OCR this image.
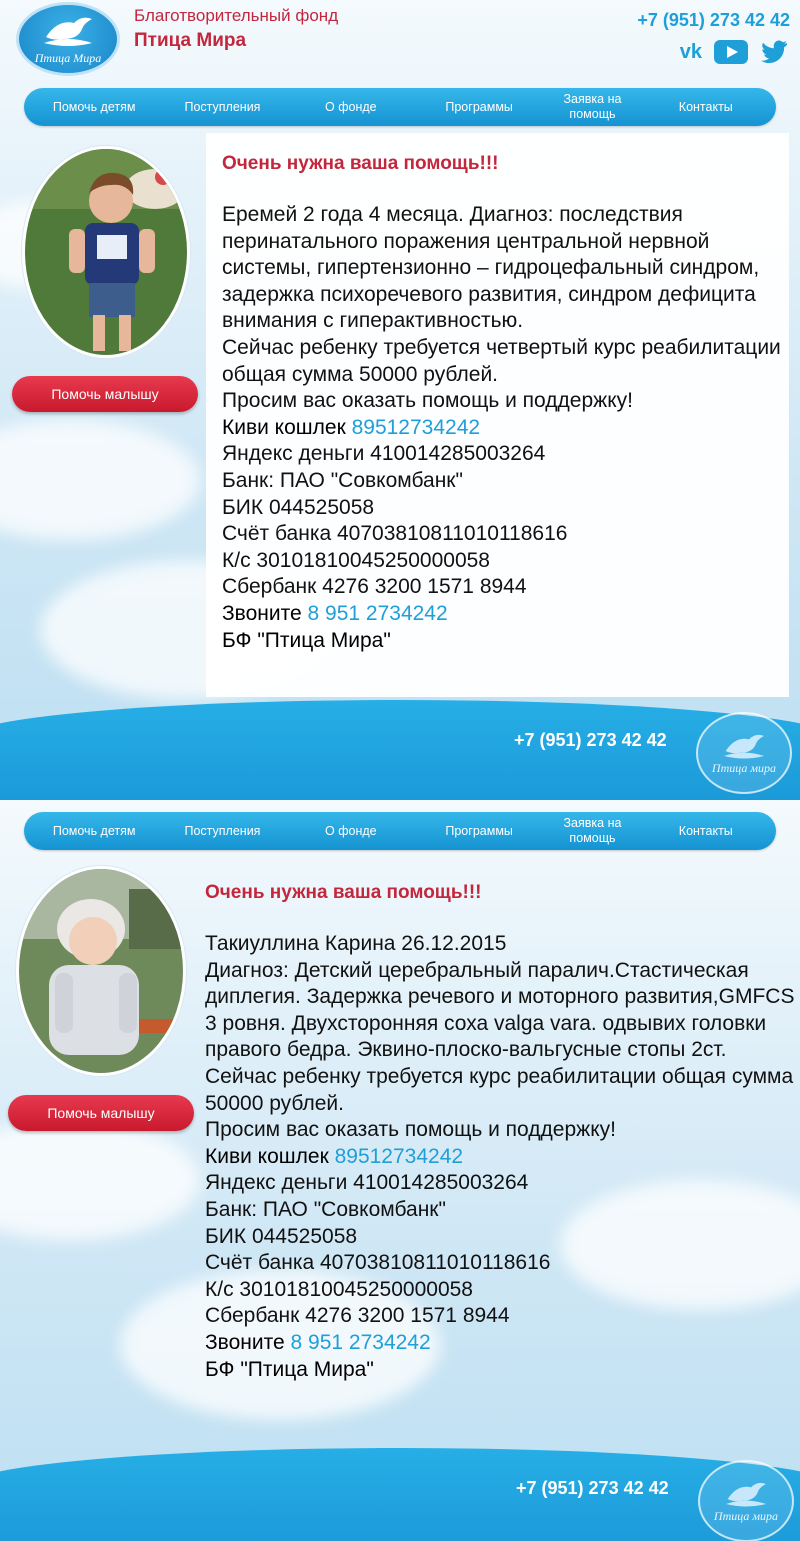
Птица Мира
Благотворительный фонд
Птица Мира
+7 (951) 273 42 42
vk
Помочь детям	Поступления	О фонде	Программы
Заявка на помощь
Контакты
Помочь малышу
Очень нужна ваша помощь!!!
Еремей 2 года 4 месяца. Диагноз: последствия перинатального поражения центральной нервной системы, гипертензионно – гидроцефальный синдром, задержка психоречевого развития, синдром дефицита внимания с гиперактивностью.
Сейчас ребенку требуется четвертый курс реабилитации общая сумма 50000 рублей.
Просим вас оказать помощь и поддержку!
Киви кошлек 89512734242
Яндекс деньги 410014285003264
Банк: ПАО "Совкомбанк"
БИК 044525058
Счёт банка 40703810811010118616
К/с 30101810045250000058
Сбербанк 4276 3200 1571 8944
Звоните 8 951 2734242
БФ "Птица Мира"
+7 (951) 273 42 42
Птица мира
Помочь детям	Поступления	О фонде	Программы
Заявка на помощь
Контакты
Помочь малышу
Очень нужна ваша помощь!!!
Такиуллина Карина 26.12.2015
Диагноз: Детский церебральный паралич.Стастическая диплегия. Задержка речевого и моторного развития,GMFCS 3 ровня. Двухсторонняя соха valga vara. одвывих головки правого бедра. Эквино-плоско-вальгусные стопы 2ст.
Сейчас ребенку требуется курс реабилитации общая сумма 50000 рублей.
Просим вас оказать помощь и поддержку!
Киви кошлек 89512734242
Яндекс деньги 410014285003264
Банк: ПАО "Совкомбанк"
БИК 044525058
Счёт банка 40703810811010118616
К/с 30101810045250000058
Сбербанк 4276 3200 1571 8944
Звоните 8 951 2734242
БФ "Птица Мира"
+7 (951) 273 42 42
Птица мира
